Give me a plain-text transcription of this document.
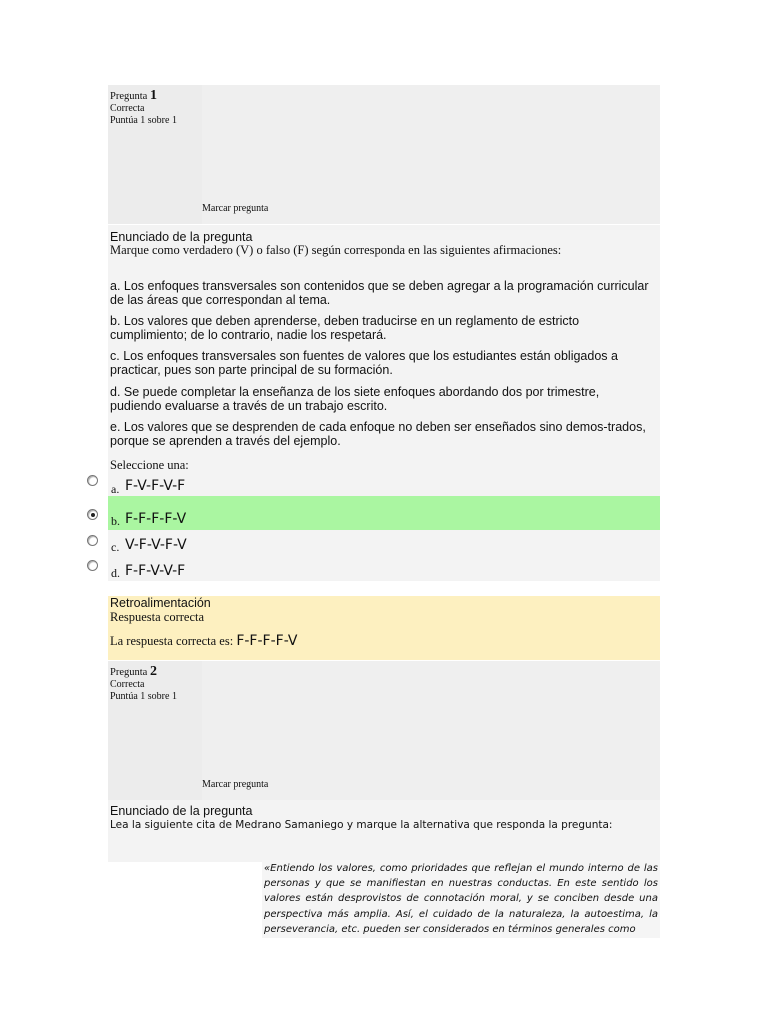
Pregunta 1
Correcta
Puntúa 1 sobre 1
Marcar pregunta
Enunciado de la pregunta
Marque como verdadero (V) o falso (F) según corresponda en las siguientes afirmaciones:
a. Los enfoques transversales son contenidos que se deben agregar a la programación curricular de las áreas que correspondan al tema.
b. Los valores que deben aprenderse, deben traducirse en un reglamento de estricto cumplimiento; de lo contrario, nadie los respetará.
c. Los enfoques transversales son fuentes de valores que los estudiantes están obligados a practicar, pues son parte principal de su formación.
d. Se puede completar la enseñanza de los siete enfoques abordando dos por trimestre, pudiendo evaluarse a través de un trabajo escrito.
e. Los valores que se desprenden de cada enfoque no deben ser enseñados sino demos-trados, porque se aprenden a través del ejemplo.
Seleccione una:
a. F-V-F-V-F
b. F-F-F-F-V
c. V-F-V-F-V
d. F-F-V-V-F
Retroalimentación
Respuesta correcta
La respuesta correcta es: F-F-F-F-V
Pregunta 2
Correcta
Puntúa 1 sobre 1
Marcar pregunta
Enunciado de la pregunta
Lea la siguiente cita de Medrano Samaniego y marque la alternativa que responda la pregunta:

«Entiendo los valores, como prioridades que reflejan el mundo interno de las personas y que se manifiestan en nuestras conductas. En este sentido los valores están desprovistos de connotación moral, y se conciben desde una perspectiva más amplia. Así, el cuidado de la naturaleza, la autoestima, la perseverancia, etc. pueden ser considerados en términos generales como
